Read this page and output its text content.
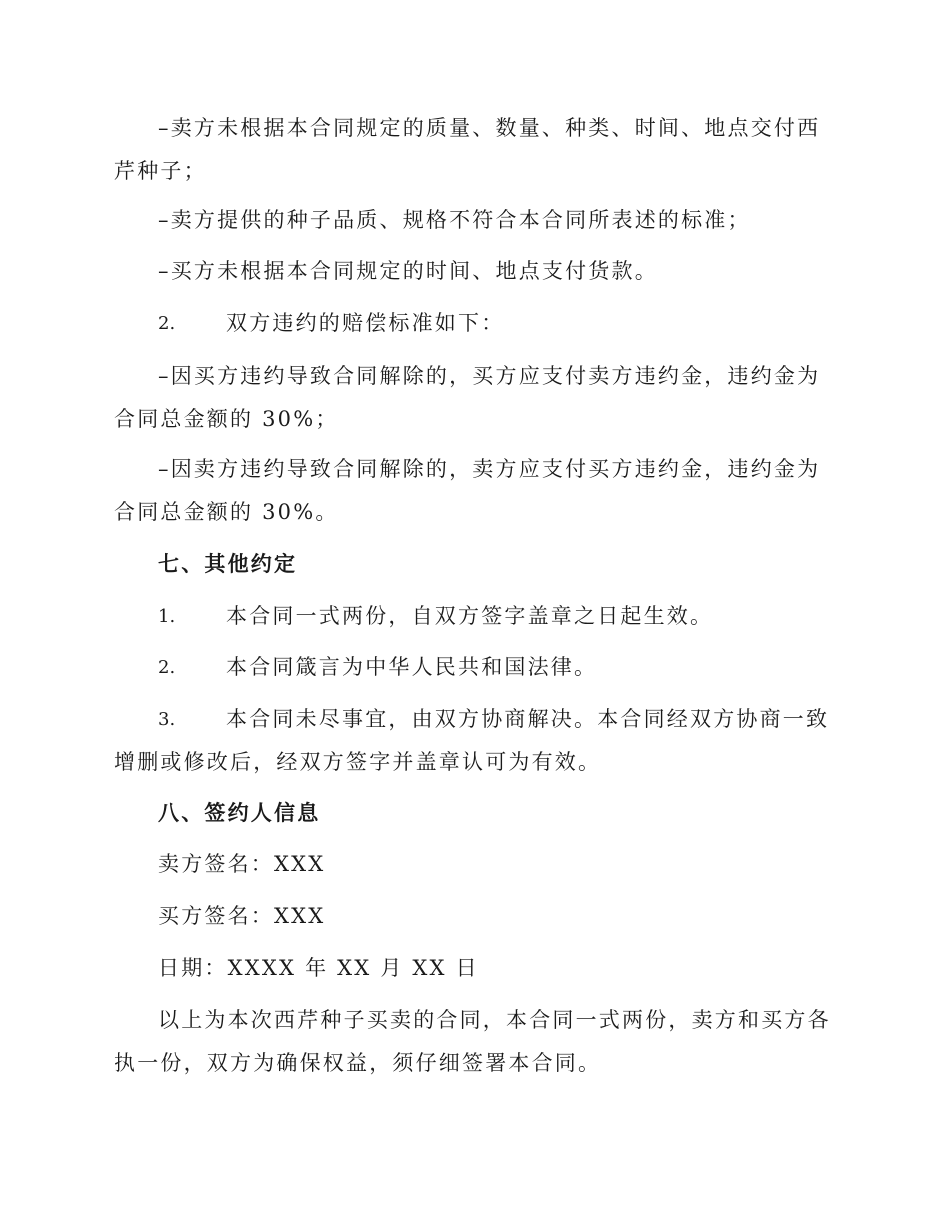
–卖方未根据本合同规定的质量、数量、种类、时间、地点交付西芹种子；
–卖方提供的种子品质、规格不符合本合同所表述的标准；
–买方未根据本合同规定的时间、地点支付货款。
2. 双方违约的赔偿标准如下：
–因买方违约导致合同解除的，买方应支付卖方违约金，违约金为合同总金额的 30%；
–因卖方违约导致合同解除的，卖方应支付买方违约金，违约金为合同总金额的 30%。
七、其他约定
1. 本合同一式两份，自双方签字盖章之日起生效。
2. 本合同箴言为中华人民共和国法律。
3.	本合同未尽事宜，由双方协商解决。本合同经双方协商一致增删或修改后，经双方签字并盖章认可为有效。
八、签约人信息
卖方签名：XXX
买方签名：XXX
日期：XXXX 年 XX 月 XX 日
以上为本次西芹种子买卖的合同，本合同一式两份，卖方和买方各执一份，双方为确保权益，须仔细签署本合同。
